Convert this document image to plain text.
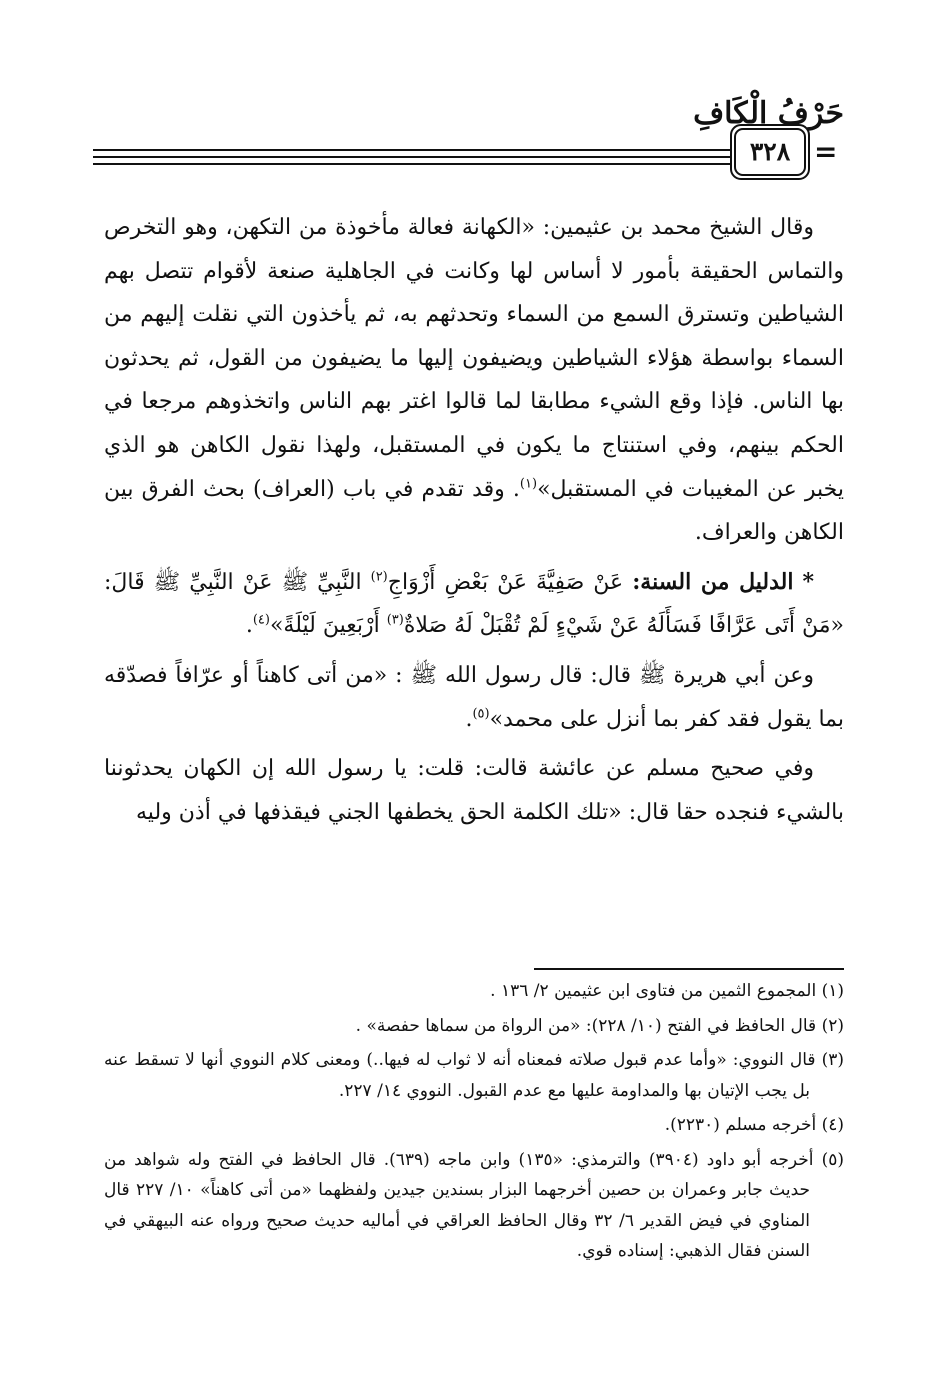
حَرْفُ الْكَافِ
٣٢٨ =

وقال الشيخ محمد بن عثيمين: «الكهانة فعالة مأخوذة من التكهن، وهو التخرص والتماس الحقيقة بأمور لا أساس لها وكانت في الجاهلية صنعة لأقوام تتصل بهم الشياطين وتسترق السمع من السماء وتحدثهم به، ثم يأخذون التي نقلت إليهم من السماء بواسطة هؤلاء الشياطين ويضيفون إليها ما يضيفون من القول، ثم يحدثون بها الناس. فإذا وقع الشيء مطابقا لما قالوا اغتر بهم الناس واتخذوهم مرجعا في الحكم بينهم، وفي استنتاج ما يكون في المستقبل، ولهذا نقول الكاهن هو الذي يخبر عن المغيبات في المستقبل»$^{(١)}$. وقد تقدم في باب (العراف) بحث الفرق بين الكاهن والعراف.

* الدليل من السنة: عَنْ صَفِيَّةَ عَنْ بَعْضِ أَزْوَاجِ$^{(٢)}$ النَّبِيِّ ﷺ عَنْ النَّبِيِّ ﷺ قَالَ: «مَنْ أَتَى عَرَّافًا فَسَأَلَهُ عَنْ شَيْءٍ لَمْ تُقْبَلْ لَهُ صَلاةٌ$^{(٣)}$ أَرْبَعِينَ لَيْلَةً»$^{(٤)}$.

وعن أبي هريرة ﷺ قال: قال رسول الله ﷺ : «من أتى كاهناً أو عرّافاً فصدّقه بما يقول فقد كفر بما أنزل على محمد»$^{(٥)}$.

وفي صحيح مسلم عن عائشة قالت: قلت: يا رسول الله إن الكهان يحدثوننا بالشيء فنجده حقا قال: «تلك الكلمة الحق يخطفها الجني فيقذفها في أذن وليه

(١) المجموع الثمين من فتاوى ابن عثيمين ٢/ ١٣٦ .

(٢) قال الحافظ في الفتح (١٠/ ٢٢٨): «من الرواة من سماها حفصة» .

(٣) قال النووي: «وأما عدم قبول صلاته فمعناه أنه لا ثواب له فيها..) ومعنى كلام النووي أنها لا تسقط عنه بل يجب الإتيان بها والمداومة عليها مع عدم القبول. النووي ١٤/ ٢٢٧.

(٤) أخرجه مسلم (٢٢٣٠).

(٥) أخرجه أبو داود (٣٩٠٤) والترمذي: «١٣٥) وابن ماجه (٦٣٩). قال الحافظ في الفتح وله شواهد من حديث جابر وعمران بن حصين أخرجهما البزار بسندين جيدين ولفظهما «من أتى كاهناً» ١٠/ ٢٢٧ قال المناوي في فيض القدير ٦/ ٣٢ وقال الحافظ العراقي في أماليه حديث صحيح ورواه عنه البيهقي في السنن فقال الذهبي: إسناده قوي.
